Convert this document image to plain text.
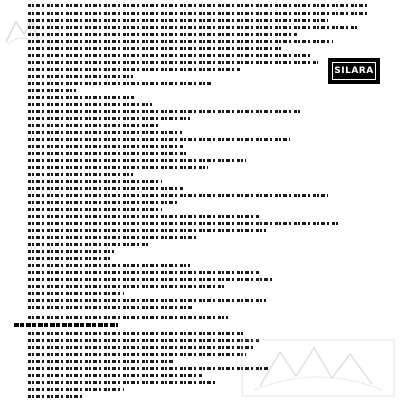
SILARA
